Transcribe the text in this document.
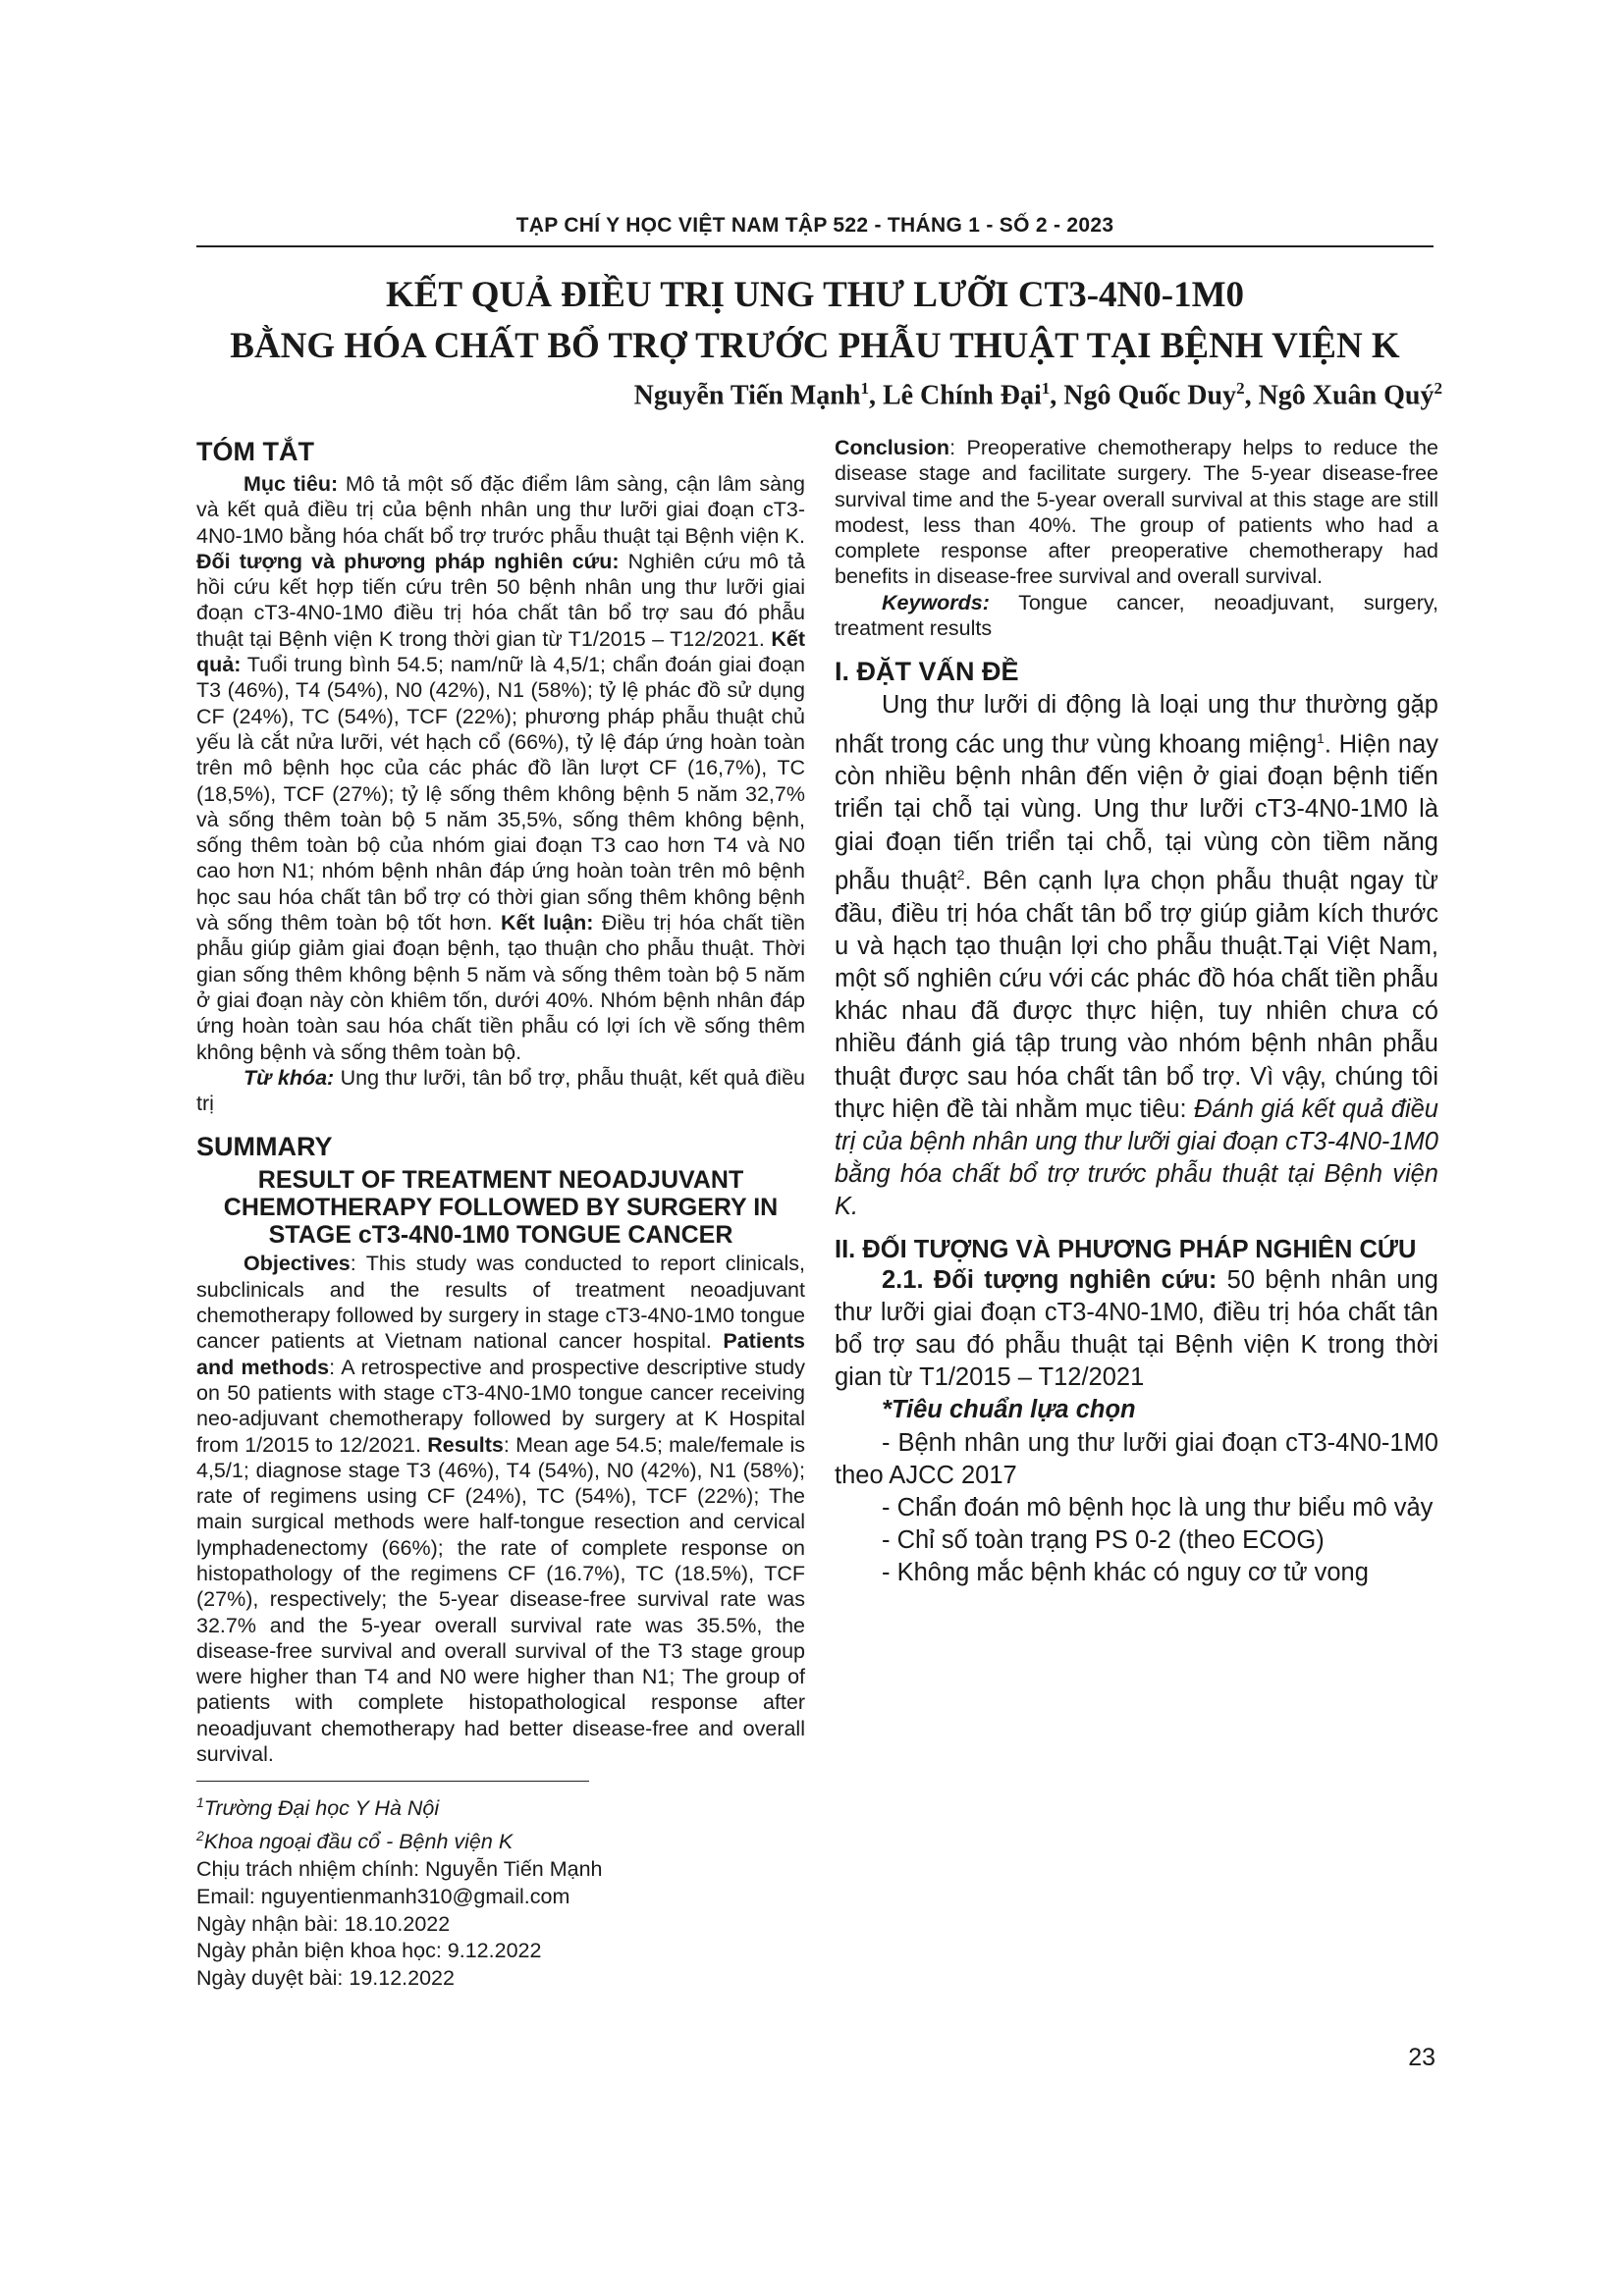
TẠP CHÍ Y HỌC VIỆT NAM TẬP 522 - THÁNG 1 - SỐ 2 - 2023
KẾT QUẢ ĐIỀU TRỊ UNG THƯ LƯỠI CT3-4N0-1M0
BẰNG HÓA CHẤT BỔ TRỢ TRƯỚC PHẪU THUẬT TẠI BỆNH VIỆN K
Nguyễn Tiến Mạnh$^1$, Lê Chính Đại$^1$, Ngô Quốc Duy$^2$, Ngô Xuân Quý$^2$
TÓM TẮT

Mục tiêu: Mô tả một số đặc điểm lâm sàng, cận lâm sàng và kết quả điều trị của bệnh nhân ung thư lưỡi giai đoạn cT3-4N0-1M0 bằng hóa chất bổ trợ trước phẫu thuật tại Bệnh viện K. Đối tượng và phương pháp nghiên cứu: Nghiên cứu mô tả hồi cứu kết hợp tiến cứu trên 50 bệnh nhân ung thư lưỡi giai đoạn cT3-4N0-1M0 điều trị hóa chất tân bổ trợ sau đó phẫu thuật tại Bệnh viện K trong thời gian từ T1/2015 – T12/2021. Kết quả: Tuổi trung bình 54.5; nam/nữ là 4,5/1; chẩn đoán giai đoạn T3 (46%), T4 (54%), N0 (42%), N1 (58%); tỷ lệ phác đồ sử dụng CF (24%), TC (54%), TCF (22%); phương pháp phẫu thuật chủ yếu là cắt nửa lưỡi, vét hạch cổ (66%), tỷ lệ đáp ứng hoàn toàn trên mô bệnh học của các phác đồ lần lượt CF (16,7%), TC (18,5%), TCF (27%); tỷ lệ sống thêm không bệnh 5 năm 32,7% và sống thêm toàn bộ 5 năm 35,5%, sống thêm không bệnh, sống thêm toàn bộ của nhóm giai đoạn T3 cao hơn T4 và N0 cao hơn N1; nhóm bệnh nhân đáp ứng hoàn toàn trên mô bệnh học sau hóa chất tân bổ trợ có thời gian sống thêm không bệnh và sống thêm toàn bộ tốt hơn. Kết luận: Điều trị hóa chất tiền phẫu giúp giảm giai đoạn bệnh, tạo thuận cho phẫu thuật. Thời gian sống thêm không bệnh 5 năm và sống thêm toàn bộ 5 năm ở giai đoạn này còn khiêm tốn, dưới 40%. Nhóm bệnh nhân đáp ứng hoàn toàn sau hóa chất tiền phẫu có lợi ích về sống thêm không bệnh và sống thêm toàn bộ.

Từ khóa: Ung thư lưỡi, tân bổ trợ, phẫu thuật, kết quả điều trị

SUMMARY
RESULT OF TREATMENT NEOADJUVANT CHEMOTHERAPY FOLLOWED BY SURGERY IN STAGE cT3-4N0-1M0 TONGUE CANCER

Objectives: This study was conducted to report clinicals, subclinicals and the results of treatment neoadjuvant chemotherapy followed by surgery in stage cT3-4N0-1M0 tongue cancer patients at Vietnam national cancer hospital. Patients and methods: A retrospective and prospective descriptive study on 50 patients with stage cT3-4N0-1M0 tongue cancer receiving neo-adjuvant chemotherapy followed by surgery at K Hospital from 1/2015 to 12/2021. Results: Mean age 54.5; male/female is 4,5/1; diagnose stage T3 (46%), T4 (54%), N0 (42%), N1 (58%); rate of regimens using CF (24%), TC (54%), TCF (22%); The main surgical methods were half-tongue resection and cervical lymphadenectomy (66%); the rate of complete response on histopathology of the regimens CF (16.7%), TC (18.5%), TCF (27%), respectively; the 5-year disease-free survival rate was 32.7% and the 5-year overall survival rate was 35.5%, the disease-free survival and overall survival of the T3 stage group were higher than T4 and N0 were higher than N1; The group of patients with complete histopathological response after neoadjuvant chemotherapy had better disease-free and overall survival.

$^1$Trường Đại học Y Hà Nội

$^2$Khoa ngoại đầu cổ - Bệnh viện K

Chịu trách nhiệm chính: Nguyễn Tiến Mạnh

Email: nguyentienmanh310@gmail.com

Ngày nhận bài: 18.10.2022

Ngày phản biện khoa học: 9.12.2022

Ngày duyệt bài: 19.12.2022

Conclusion: Preoperative chemotherapy helps to reduce the disease stage and facilitate surgery. The 5-year disease-free survival time and the 5-year overall survival at this stage are still modest, less than 40%. The group of patients who had a complete response after preoperative chemotherapy had benefits in disease-free survival and overall survival.

Keywords: Tongue cancer, neoadjuvant, surgery, treatment results

I. ĐẶT VẤN ĐỀ

Ung thư lưỡi di động là loại ung thư thường gặp nhất trong các ung thư vùng khoang miệng$^1$. Hiện nay còn nhiều bệnh nhân đến viện ở giai đoạn bệnh tiến triển tại chỗ tại vùng. Ung thư lưỡi cT3-4N0-1M0 là giai đoạn tiến triển tại chỗ, tại vùng còn tiềm năng phẫu thuật$^2$. Bên cạnh lựa chọn phẫu thuật ngay từ đầu, điều trị hóa chất tân bổ trợ giúp giảm kích thước u và hạch tạo thuận lợi cho phẫu thuật.Tại Việt Nam, một số nghiên cứu với các phác đồ hóa chất tiền phẫu khác nhau đã được thực hiện, tuy nhiên chưa có nhiều đánh giá tập trung vào nhóm bệnh nhân phẫu thuật được sau hóa chất tân bổ trợ. Vì vậy, chúng tôi thực hiện đề tài nhằm mục tiêu: Đánh giá kết quả điều trị của bệnh nhân ung thư lưỡi giai đoạn cT3-4N0-1M0 bằng hóa chất bổ trợ trước phẫu thuật tại Bệnh viện K.

II. ĐỐI TƯỢNG VÀ PHƯƠNG PHÁP NGHIÊN CỨU

2.1. Đối tượng nghiên cứu: 50 bệnh nhân ung thư lưỡi giai đoạn cT3-4N0-1M0, điều trị hóa chất tân bổ trợ sau đó phẫu thuật tại Bệnh viện K trong thời gian từ T1/2015 – T12/2021

*Tiêu chuẩn lựa chọn

- Bệnh nhân ung thư lưỡi giai đoạn cT3-4N0-1M0 theo AJCC 2017

- Chẩn đoán mô bệnh học là ung thư biểu mô vảy

- Chỉ số toàn trạng PS 0-2 (theo ECOG)

- Không mắc bệnh khác có nguy cơ tử vong

23
